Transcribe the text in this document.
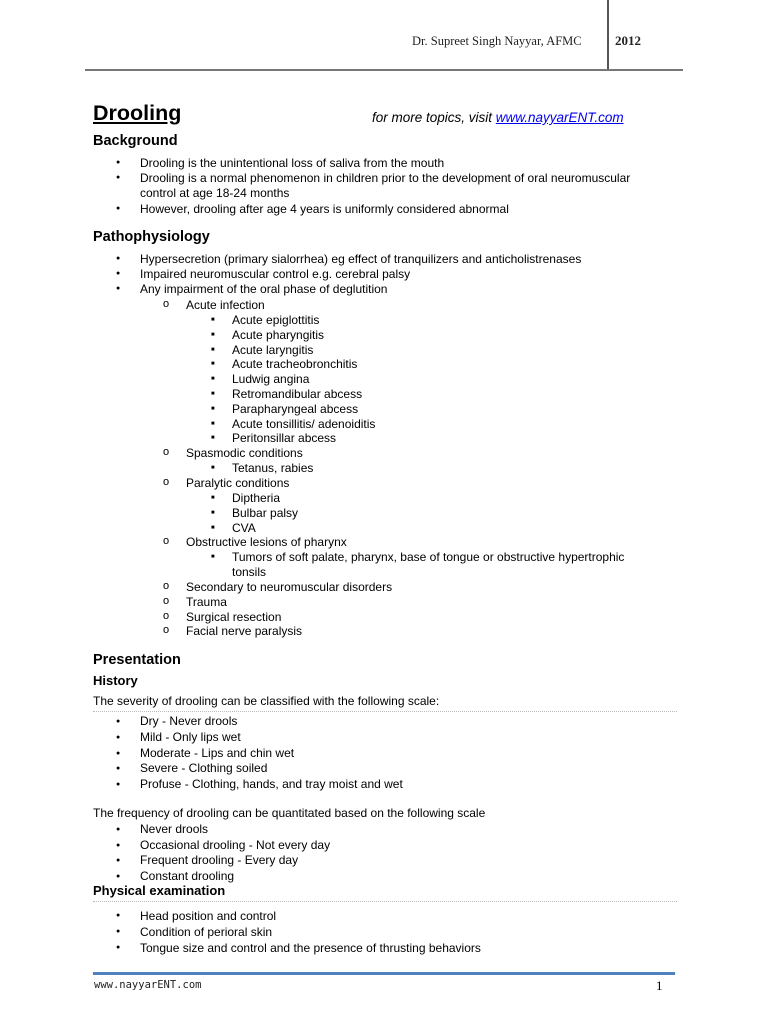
Dr. Supreet Singh Nayyar, AFMC	2012
Drooling	for more topics, visit www.nayyarENT.com
Background
● Drooling is the unintentional loss of saliva from the mouth
● Drooling is a normal phenomenon in children prior to the development of oral neuromuscular
control at age 18-24 months
● However, drooling after age 4 years is uniformly considered abnormal
Pathophysiology
● Hypersecretion (primary sialorrhea) eg effect of tranquilizers and anticholistrenases
● Impaired neuromuscular control e.g. cerebral palsy
● Any impairment of the oral phase of deglutition
o Acute infection
■ Acute epiglottitis
■ Acute pharyngitis
■ Acute laryngitis
■ Acute tracheobronchitis
■ Ludwig angina
■ Retromandibular abcess
■ Parapharyngeal abcess
■ Acute tonsillitis/ adenoiditis
■ Peritonsillar abcess
o Spasmodic conditions
■ Tetanus, rabies
o Paralytic conditions
■ Diptheria
■ Bulbar palsy
■ CVA
o Obstructive lesions of pharynx
■ Tumors of soft palate, pharynx, base of tongue or obstructive hypertrophic
tonsils
o Secondary to neuromuscular disorders
o Trauma
o Surgical resection
o Facial nerve paralysis
Presentation
History
The severity of drooling can be classified with the following scale:
● Dry - Never drools
● Mild - Only lips wet
● Moderate - Lips and chin wet
● Severe - Clothing soiled
● Profuse - Clothing, hands, and tray moist and wet
The frequency of drooling can be quantitated based on the following scale
● Never drools
● Occasional drooling - Not every day
● Frequent drooling - Every day
● Constant drooling
Physical examination
● Head position and control
● Condition of perioral skin
● Tongue size and control and the presence of thrusting behaviors
www.nayyarENT.com	1
